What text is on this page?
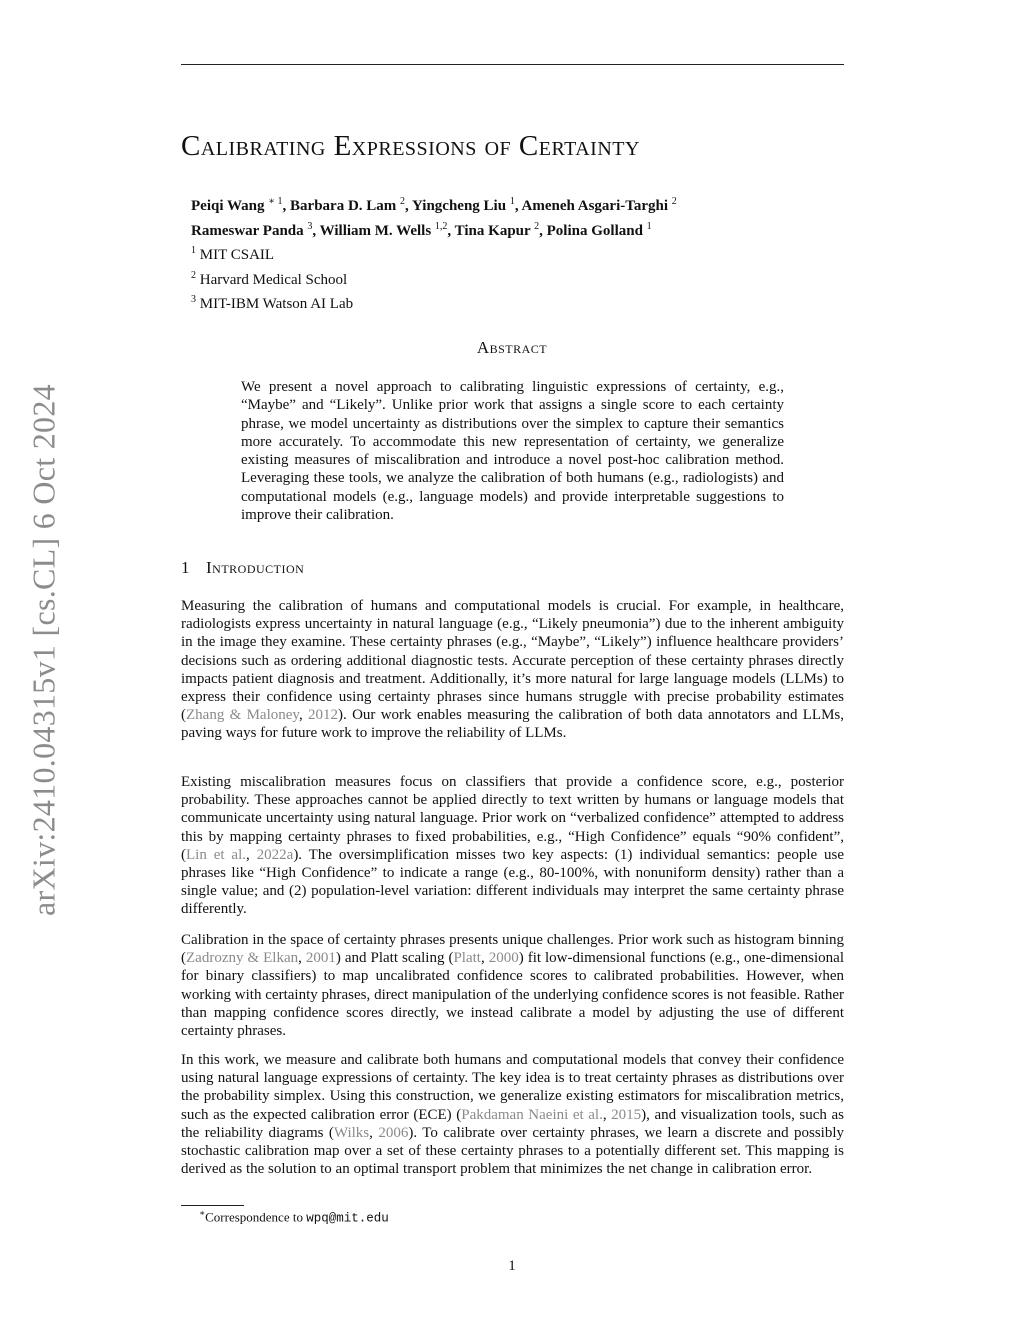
arXiv:2410.04315v1 [cs.CL] 6 Oct 2024
Calibrating Expressions of Certainty
Peiqi Wang $^{∗ 1}$, Barbara D. Lam $^2$, Yingcheng Liu $^1$, Ameneh Asgari-Targhi $^2$
Rameswar Panda $^3$, William M. Wells $^{1,2}$, Tina Kapur $^2$, Polina Golland $^1$
$^1$ MIT CSAIL
$^2$ Harvard Medical School
$^3$ MIT-IBM Watson AI Lab
Abstract

We present a novel approach to calibrating linguistic expressions of certainty, e.g., “Maybe” and “Likely”. Unlike prior work that assigns a single score to each certainty phrase, we model uncertainty as distributions over the simplex to capture their semantics more accurately. To accommodate this new representation of certainty, we generalize existing measures of miscalibration and introduce a novel post-hoc calibration method. Leveraging these tools, we analyze the calibration of both humans (e.g., radiologists) and computational models (e.g., language models) and provide interpretable suggestions to improve their calibration.

1 Introduction

Measuring the calibration of humans and computational models is crucial. For example, in healthcare, radiologists express uncertainty in natural language (e.g., “Likely pneumonia”) due to the inherent ambiguity in the image they examine. These certainty phrases (e.g., “Maybe”, “Likely”) influence healthcare providers’ decisions such as ordering additional diagnostic tests. Accurate perception of these certainty phrases directly impacts patient diagnosis and treatment. Additionally, it’s more natural for large language models (LLMs) to express their confidence using certainty phrases since humans struggle with precise probability estimates (Zhang & Maloney, 2012). Our work enables measuring the calibration of both data annotators and LLMs, paving ways for future work to improve the reliability of LLMs.

Existing miscalibration measures focus on classifiers that provide a confidence score, e.g., posterior probability. These approaches cannot be applied directly to text written by humans or language models that communicate uncertainty using natural language. Prior work on “verbalized confidence” attempted to address this by mapping certainty phrases to fixed probabilities, e.g., “High Confidence” equals “90% confident”, (Lin et al., 2022a). The oversimplification misses two key aspects: (1) individual semantics: people use phrases like “High Confidence” to indicate a range (e.g., 80-100%, with nonuniform density) rather than a single value; and (2) population-level variation: different individuals may interpret the same certainty phrase differently.

Calibration in the space of certainty phrases presents unique challenges. Prior work such as histogram binning (Zadrozny & Elkan, 2001) and Platt scaling (Platt, 2000) fit low-dimensional functions (e.g., one-dimensional for binary classifiers) to map uncalibrated confidence scores to calibrated probabilities. However, when working with certainty phrases, direct manipulation of the underlying confidence scores is not feasible. Rather than mapping confidence scores directly, we instead calibrate a model by adjusting the use of different certainty phrases.

In this work, we measure and calibrate both humans and computational models that convey their confidence using natural language expressions of certainty. The key idea is to treat certainty phrases as distributions over the probability simplex. Using this construction, we generalize existing estimators for miscalibration metrics, such as the expected calibration error (ECE) (Pakdaman Naeini et al., 2015), and visualization tools, such as the reliability diagrams (Wilks, 2006). To calibrate over certainty phrases, we learn a discrete and possibly stochastic calibration map over a set of these certainty phrases to a potentially different set. This mapping is derived as the solution to an optimal transport problem that minimizes the net change in calibration error.

∗Correspondence to wpq@mit.edu
1
